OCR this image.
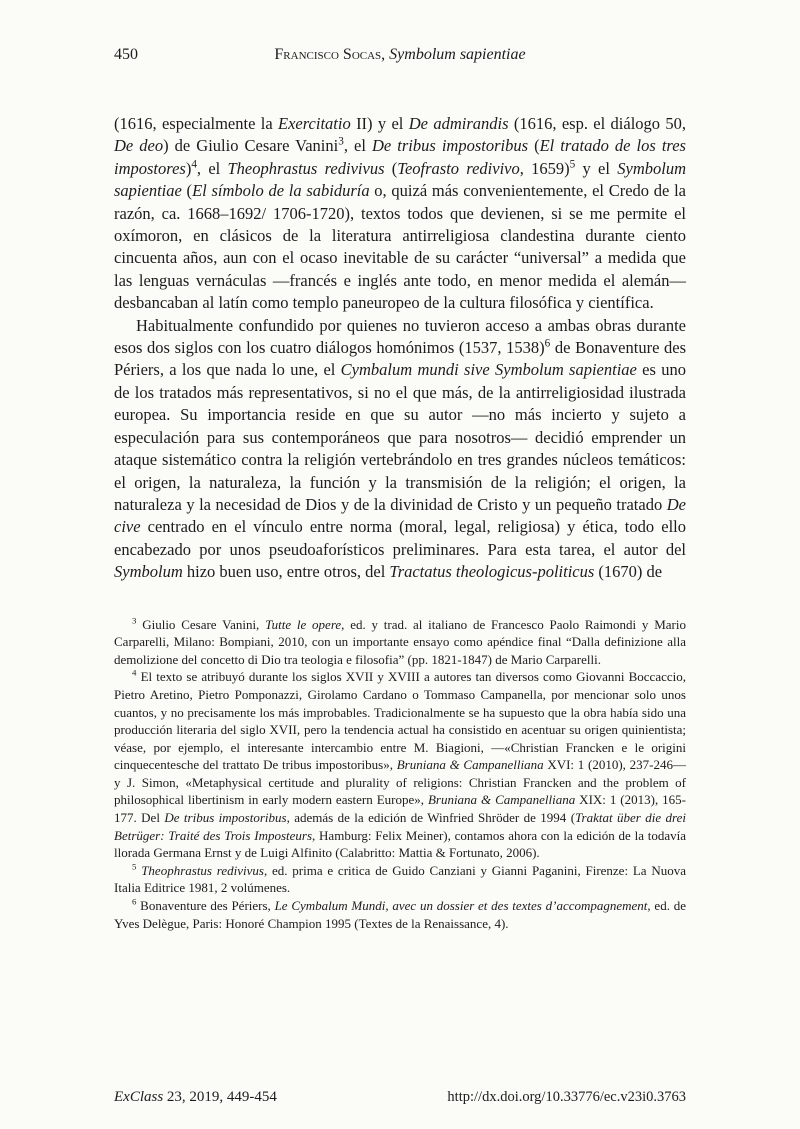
450	Francisco Socas, Symbolum sapientiae

(1616, especialmente la Exercitatio II) y el De admirandis (1616, esp. el diálogo 50, De deo) de Giulio Cesare Vanini$^3$, el De tribus impostoribus (El tratado de los tres impostores)$^4$, el Theophrastus redivivus (Teofrasto redivivo, 1659)$^5$ y el Symbolum sapientiae (El símbolo de la sabiduría o, quizá más convenientemente, el Credo de la razón, ca. 1668–1692/ 1706-1720), textos todos que devienen, si se me permite el oxímoron, en clásicos de la literatura antirreligiosa clandestina durante ciento cincuenta años, aun con el ocaso inevitable de su carácter “universal” a medida que las lenguas vernáculas —francés e inglés ante todo, en menor medida el alemán— desbancaban al latín como templo paneuropeo de la cultura filosófica y científica.

Habitualmente confundido por quienes no tuvieron acceso a ambas obras durante esos dos siglos con los cuatro diálogos homónimos (1537, 1538)$^6$ de Bonaventure des Périers, a los que nada lo une, el Cymbalum mundi sive Symbolum sapientiae es uno de los tratados más representativos, si no el que más, de la antirreligiosidad ilustrada europea. Su importancia reside en que su autor —no más incierto y sujeto a especulación para sus contemporáneos que para nosotros— decidió emprender un ataque sistemático contra la religión vertebrándolo en tres grandes núcleos temáticos: el origen, la naturaleza, la función y la transmisión de la religión; el origen, la naturaleza y la necesidad de Dios y de la divinidad de Cristo y un pequeño tratado De cive centrado en el vínculo entre norma (moral, legal, religiosa) y ética, todo ello encabezado por unos pseudoaforísticos preliminares. Para esta tarea, el autor del Symbolum hizo buen uso, entre otros, del Tractatus theologicus-politicus (1670) de

$^3$ Giulio Cesare Vanini, Tutte le opere, ed. y trad. al italiano de Francesco Paolo Raimondi y Mario Carparelli, Milano: Bompiani, 2010, con un importante ensayo como apéndice final “Dalla definizione alla demolizione del concetto di Dio tra teologia e filosofia” (pp. 1821-1847) de Mario Carparelli.

$^4$ El texto se atribuyó durante los siglos XVII y XVIII a autores tan diversos como Giovanni Boccaccio, Pietro Aretino, Pietro Pomponazzi, Girolamo Cardano o Tommaso Campanella, por mencionar solo unos cuantos, y no precisamente los más improbables. Tradicionalmente se ha supuesto que la obra había sido una producción literaria del siglo XVII, pero la tendencia actual ha consistido en acentuar su origen quinientista; véase, por ejemplo, el interesante intercambio entre M. Biagioni, —«Christian Francken e le origini cinquecentesche del trattato De tribus impostoribus», Bruniana & Campanelliana XVI: 1 (2010), 237-246— y J. Simon, «Metaphysical certitude and plurality of religions: Christian Francken and the problem of philosophical libertinism in early modern eastern Europe», Bruniana & Campanelliana XIX: 1 (2013), 165-177. Del De tribus impostoribus, además de la edición de Winfried Shröder de 1994 (Traktat über die drei Betrüger: Traité des Trois Imposteurs, Hamburg: Felix Meiner), contamos ahora con la edición de la todavía llorada Germana Ernst y de Luigi Alfinito (Calabritto: Mattia & Fortunato, 2006).

$^5$ Theophrastus redivivus, ed. prima e critica de Guido Canziani y Gianni Paganini, Firenze: La Nuova Italia Editrice 1981, 2 volúmenes.

$^6$ Bonaventure des Périers, Le Cymbalum Mundi, avec un dossier et des textes d’accompagnement, ed. de Yves Delègue, Paris: Honoré Champion 1995 (Textes de la Renaissance, 4).

ExClass 23, 2019, 449-454	http://dx.doi.org/10.33776/ec.v23i0.3763
